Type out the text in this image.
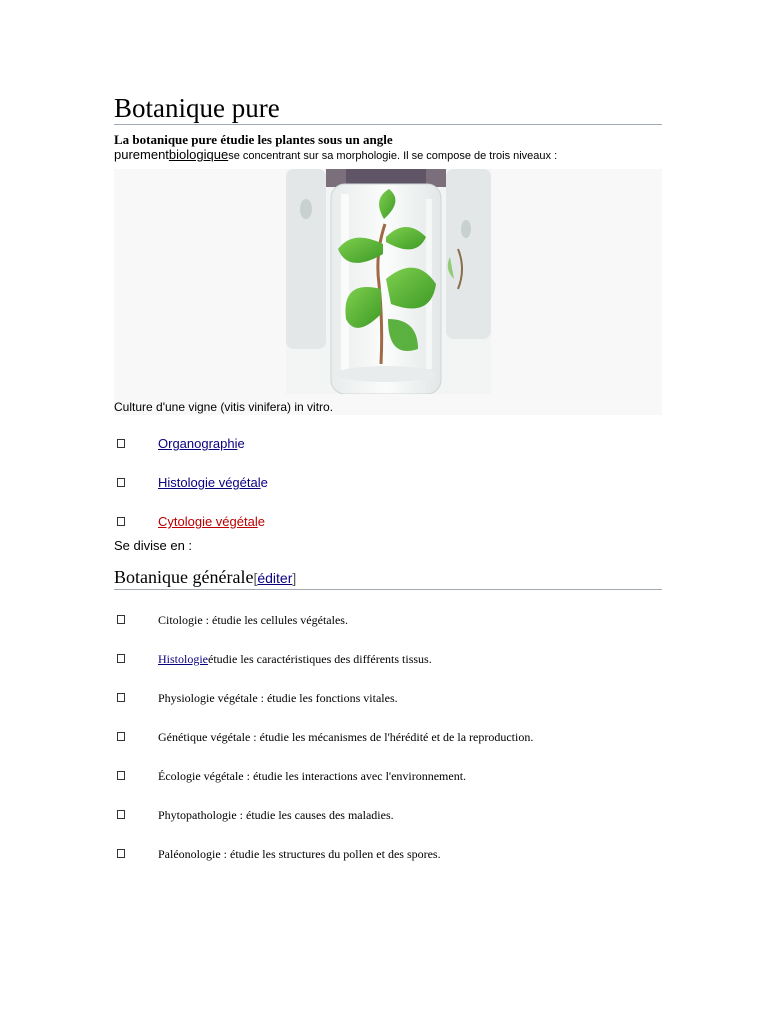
Botanique pure
La botanique pure étudie les plantes sous un angle
purementbiologiquese concentrant sur sa morphologie. Il se compose de trois niveaux :
Culture d'une vigne (vitis vinifera) in vitro.
Organographie
Histologie végétale
Cytologie végétale
Se divise en :
Botanique générale[éditer]
Citologie : étudie les cellules végétales.
Histologieétudie les caractéristiques des différents tissus.
Physiologie végétale : étudie les fonctions vitales.
Génétique végétale : étudie les mécanismes de l'hérédité et de la reproduction.
Écologie végétale : étudie les interactions avec l'environnement.
Phytopathologie : étudie les causes des maladies.
Paléonologie : étudie les structures du pollen et des spores.
